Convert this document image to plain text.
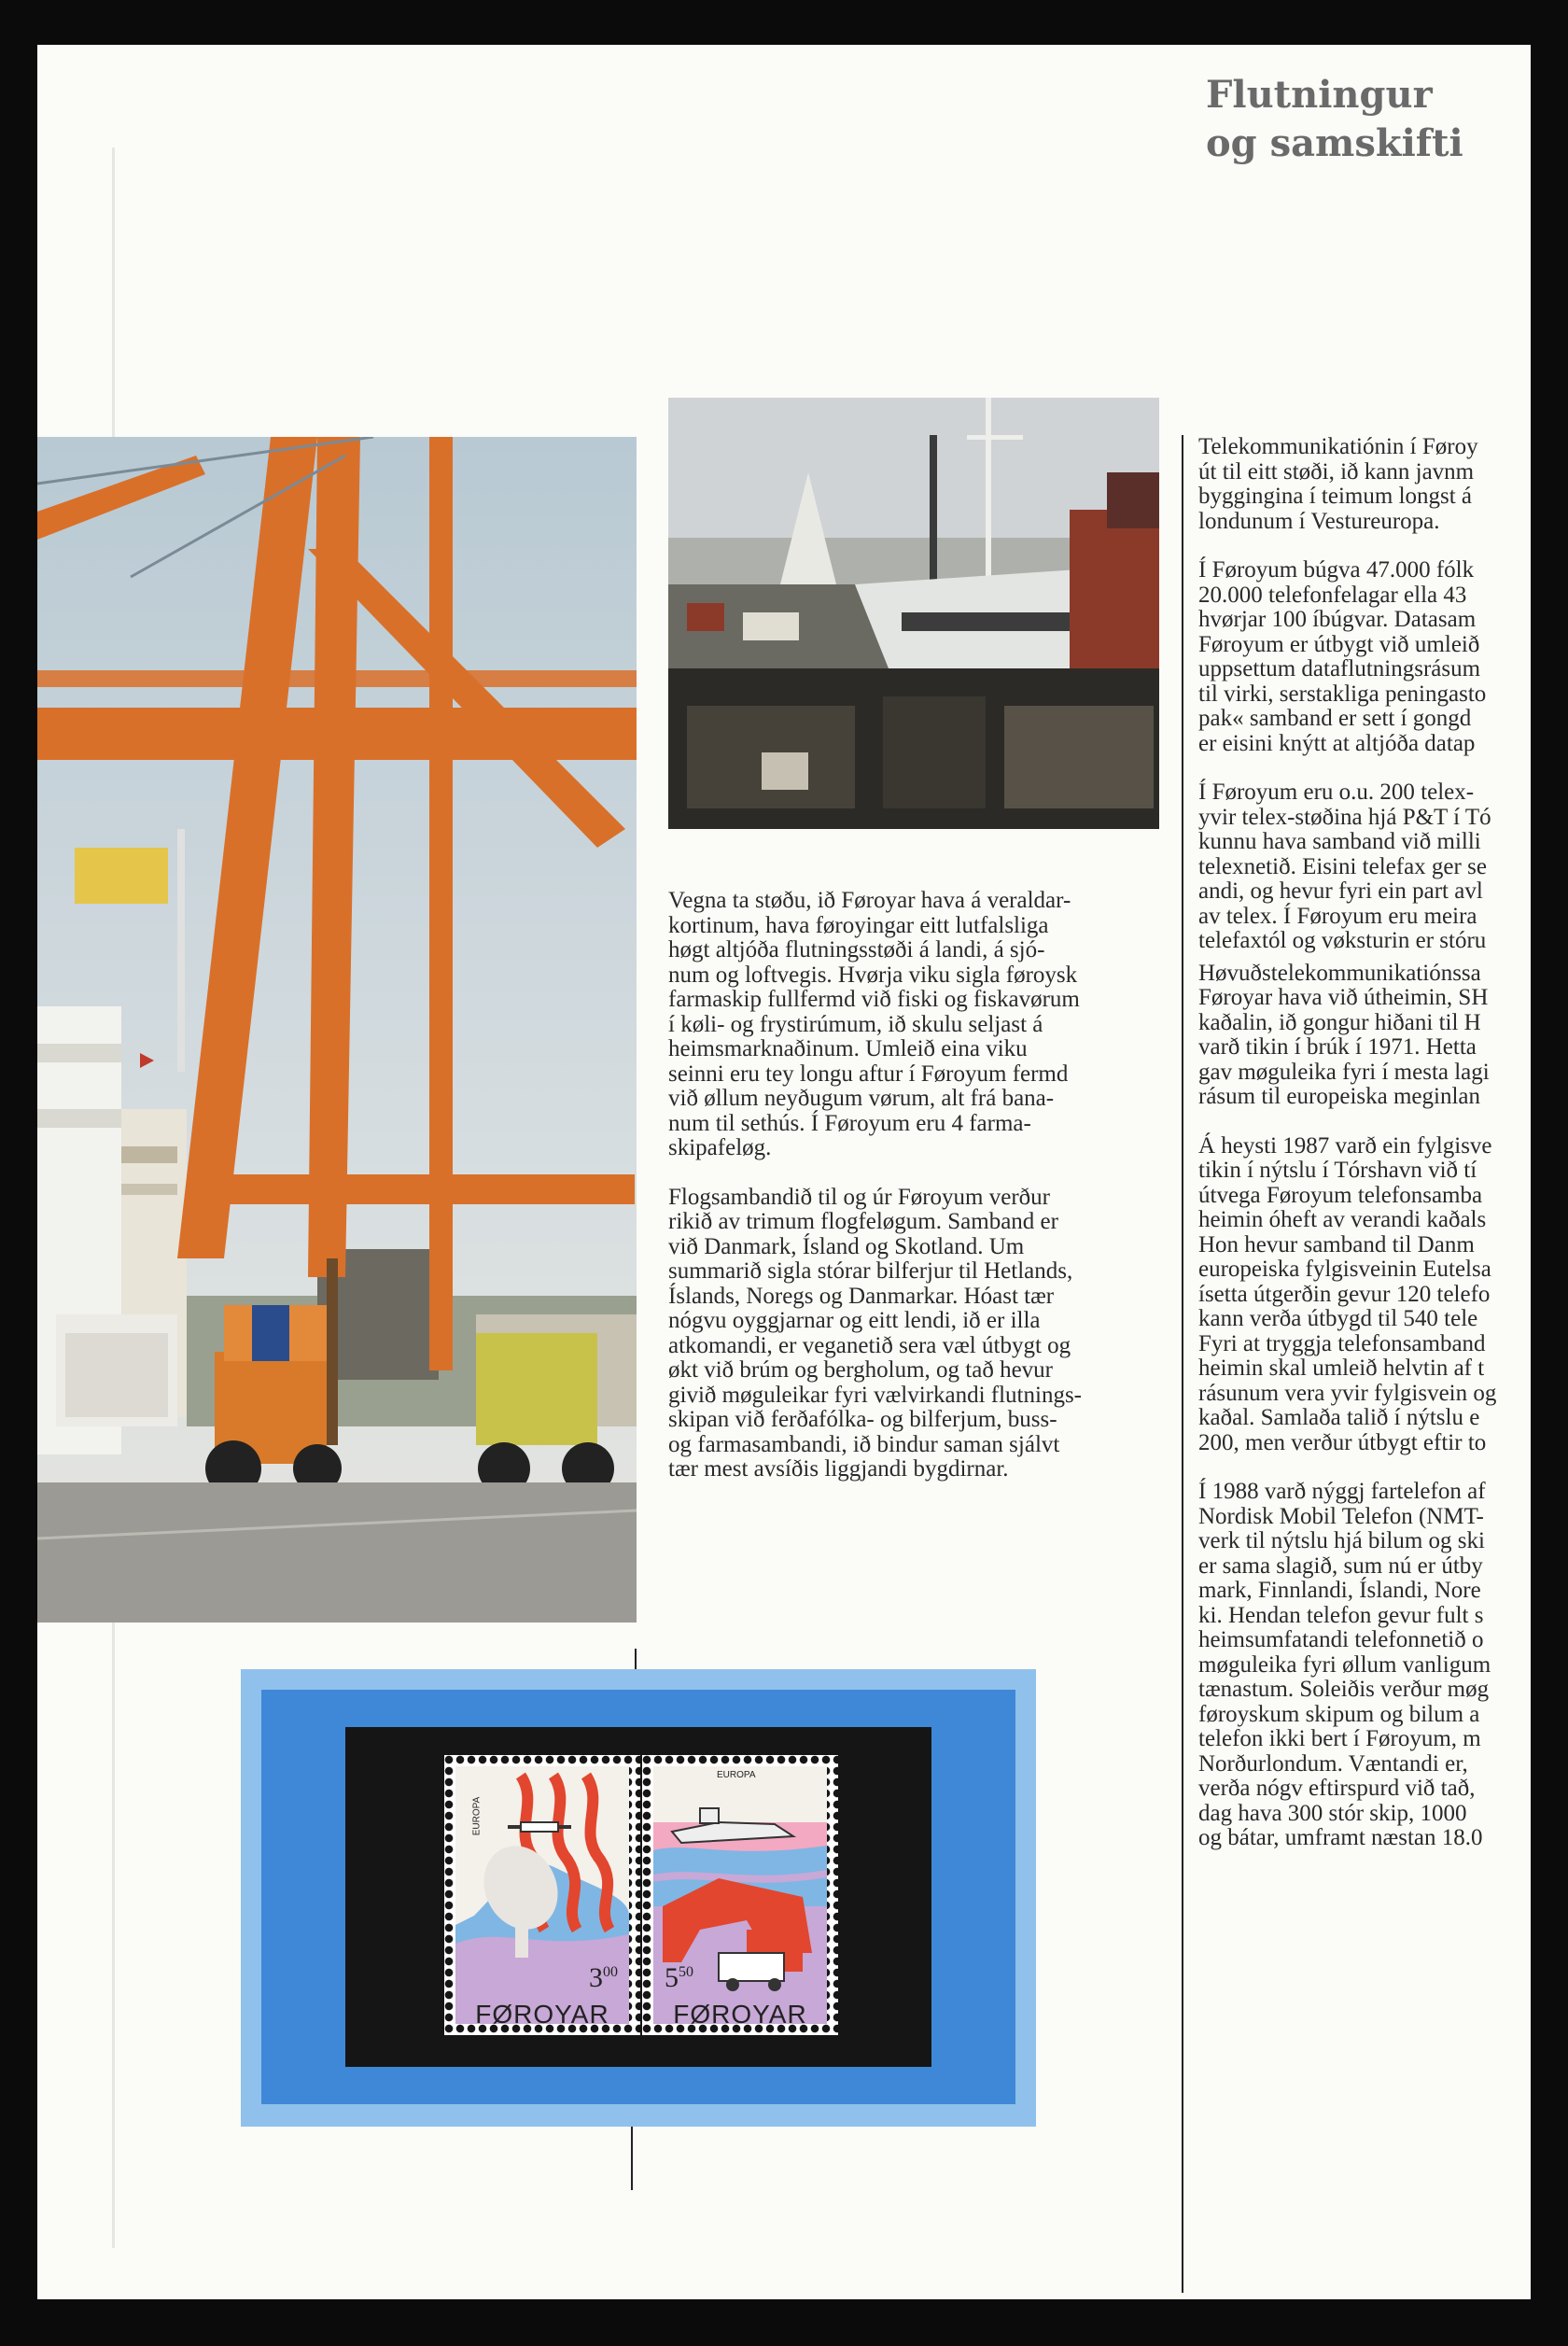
Flutningur
og samskifti

Vegna ta støðu, ið Føroyar hava á veraldar-
kortinum, hava føroyingar eitt lutfalsliga
høgt altjóða flutningsstøði á landi, á sjó-
num og loftvegis. Hvørja viku sigla føroysk
farmaskip fullfermd við fiski og fiskavørum
í køli- og frystirúmum, ið skulu seljast á
heimsmarknaðinum. Umleið eina viku
seinni eru tey longu aftur í Føroyum fermd
við øllum neyðugum vørum, alt frá bana-
num til sethús. Í Føroyum eru 4 farma-
skipafeløg.

Flogsambandið til og úr Føroyum verður
rikið av trimum flogfeløgum. Samband er
við Danmark, Ísland og Skotland. Um
summarið sigla stórar bilferjur til Hetlands,
Íslands, Noregs og Danmarkar. Hóast tær
nógvu oyggjarnar og eitt lendi, ið er illa
atkomandi, er veganetið sera væl útbygt og
økt við brúm og bergholum, og tað hevur
givið møguleikar fyri vælvirkandi flutnings-
skipan við ferðafólka- og bilferjum, buss-
og farmasambandi, ið bindur saman sjálvt
tær mest avsíðis liggjandi bygdirnar.

Telekommunikatiónin í Føroy
út til eitt støði, ið kann javnm
byggingina í teimum longst á
londunum í Vestureuropa.

Í Føroyum búgva 47.000 fólk
20.000 telefonfelagar ella 43
hvørjar 100 íbúgvar. Datasam
Føroyum er útbygt við umleið
uppsettum dataflutningsrásum
til virki, serstakliga peningasto
pak« samband er sett í gongd
er eisini knýtt at altjóða datap

Í Føroyum eru o.u. 200 telex-
yvir telex-støðina hjá P&T í Tó
kunnu hava samband við milli
telexnetið. Eisini telefax ger se
andi, og hevur fyri ein part avl
av telex. Í Føroyum eru meira
telefaxtól og vøksturin er stóru

Høvuðstelekommunikatiónssa
Føroyar hava við útheimin, SH
kaðalin, ið gongur hiðani til H
varð tikin í brúk í 1971. Hetta
gav møguleika fyri í mesta lagi
rásum til europeiska meginlan

Á heysti 1987 varð ein fylgisve
tikin í nýtslu í Tórshavn við tí
útvega Føroyum telefonsamba
heimin óheft av verandi kaðals
Hon hevur samband til Danm
europeiska fylgisveinin Eutelsa
ísetta útgerðin gevur 120 telefo
kann verða útbygd til 540 tele
Fyri at tryggja telefonsamband
heimin skal umleið helvtin af t
rásunum vera yvir fylgisvein og
kaðal. Samlaða talið í nýtslu e
200, men verður útbygt eftir to

Í 1988 varð nýggj fartelefon af
Nordisk Mobil Telefon (NMT-
verk til nýtslu hjá bilum og ski
er sama slagið, sum nú er útby
mark, Finnlandi, Íslandi, Nore
ki. Hendan telefon gevur fult s
heimsumfatandi telefonnetið o
møguleika fyri øllum vanligum
tænastum. Soleiðis verður møg
føroyskum skipum og bilum a
telefon ikki bert í Føroyum, m
Norðurlondum. Væntandi er,
verða nógv eftirspurd við tað,
dag hava 300 stór skip, 1000
og bátar, umframt næstan 18.0

EUROPA
$3^{00}$
FØROYAR
EUROPA
$5^{50}$
FØROYAR
